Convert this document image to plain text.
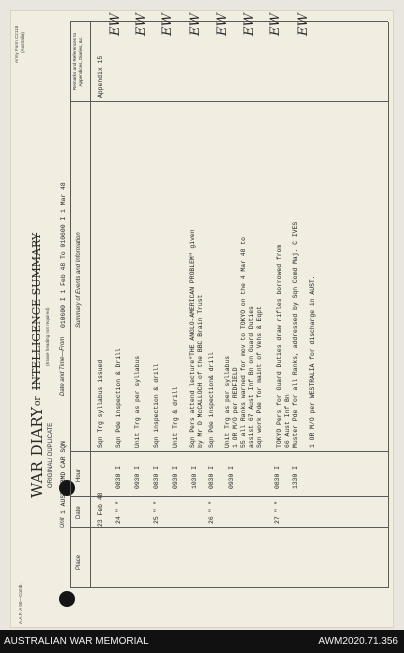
A.A.F. A 50—Comb.
Army Form C2118 (Australia)
WAR DIARY
or
INTELLIGENCE SUMMARY (Erase heading not required)
ORIGINAL/ DUPLICATE
Unit
1 AUST ARMD CAR SQN
Date and Time—From
010600 I 1 Feb 48 To 010600 I 1 Mar 48
Place
Date
Hour
Summary of Events and Information
Remarks and References to Appendices, Diaries, &c.
23 Feb 48
Sqn Trg syllabus issued
Appendix 15
24 " "
0830 I
Sqn Pde inspection & Drill
0930 I
Unit Trg as per syllabus
25 " "
0830 I
Sqn inspection & drill
0930 I
Unit Trg & drill
1030 I
Sqn Pers attend lecture"THE ANGLO-AMERICAN PROBLEM" given by Mr D McCALLOCH of the BBC Brain Trust
26 " "
0830 I
Sqn Pde inspection& drill
0930 I
Unit Trg as per syllabus 1 OR M/O per REDFIELD 55 all Ranks warned for mov to TOKYO on the 4 Mar 48 to assist 67 Aust Inf Bn on Guard Duties Sqn work Pde for maint of Vehs & Eqpt
27 " "
0830 I 1330 I
TOKYO Pers for Guard Duties draw rifles borrowed from 66 Aust Inf Bn Muster Pde for all Ranks, addressed by Sqn Comd Maj. C IVES 1 OR M/O per WESTRALIA for discharge in AUST.
EW EW EW EW EW EW EW EW
AUSTRALIAN WAR MEMORIAL	AWM2020.71.356
